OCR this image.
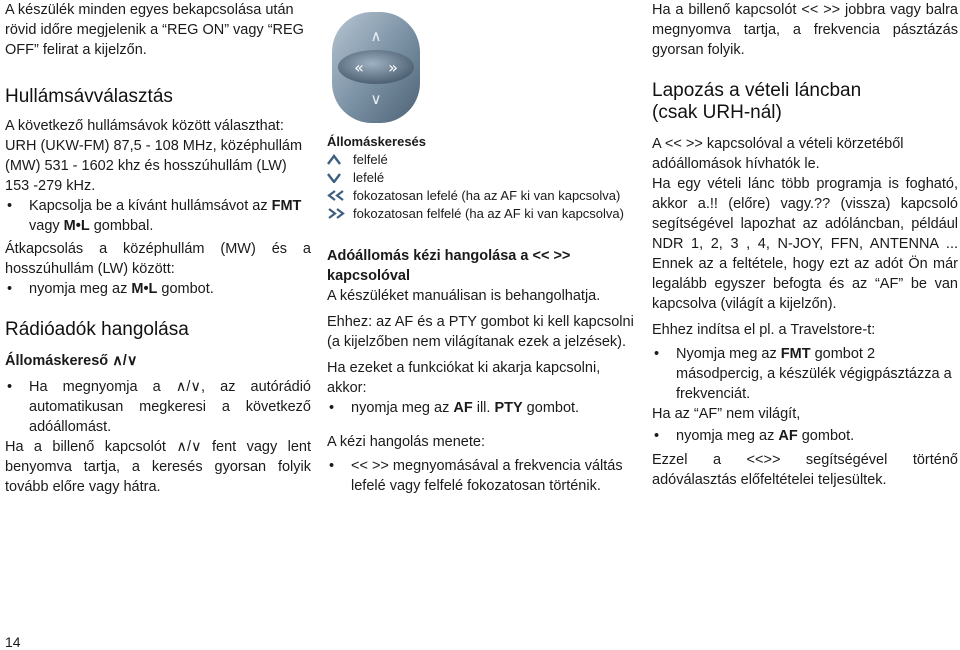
∧
∨
« »

A készülék minden egyes bekapcsolása után rövid időre megjelenik a “REG ON” vagy “REG OFF” felirat a kijelzőn.

Hullámsávválasztás

A következő hullámsávok között választhat: URH (UKW-FM) 87,5 - 108 MHz, középhullám (MW) 531 - 1602 khz és hosszúhullám (LW) 153 -279 kHz.

•	Kapcsolja be a kívánt hullámsávot az FMT vagy M•L gombbal.

Átkapcsolás a középhullám (MW) és a hosszúhullám (LW) között:

•	nyomja meg az M•L gombot.
Rádióadók hangolása

Állomáskereső ∧/∨

•	Ha megnyomja a ∧/∨, az autórádió automatikusan megkeresi a következő adóállomást.

Ha a billenő kapcsolót ∧/∨ fent vagy lent benyomva tartja, a keresés gyorsan folyik tovább előre vagy hátra.

Állomáskeresés

felfelé
lefelé
fokozatosan lefelé (ha az AF ki van kapcsolva)
fokozatosan felfelé (ha az AF ki van kapcsolva)

Adóállomás kézi hangolása a << >> kapcsolóval

A készüléket manuálisan is behangolhatja.

Ehhez: az AF és a PTY gombot ki kell kapcsolni (a kijelzőben nem világítanak ezek a jelzések).

Ha ezeket a funkciókat ki akarja kapcsolni, akkor:

•	nyomja meg az AF ill. PTY gombot.

A kézi hangolás menete:

•	<< >> megnyomásával a frekvencia váltás lefelé vagy felfelé fokozatosan történik.

Ha a billenő kapcsolót << >> jobbra vagy balra megnyomva tartja, a frekvencia pásztázás gyorsan folyik.

Lapozás a vételi láncban
(csak URH-nál)

A << >> kapcsolóval a vételi körzetéből adóállomások hívhatók le.

Ha egy vételi lánc több programja is fogható, akkor a.!! (előre) vagy.?? (vissza) kapcsoló segítségével lapozhat az adóláncban, például NDR 1, 2, 3 , 4, N-JOY, FFN, ANTENNA ... Ennek az a feltétele, hogy ezt az adót Ön már legalább egyszer befogta és az “AF” be van kapcsolva (világít a kijelzőn).

Ehhez indítsa el pl. a Travelstore-t:

•	Nyomja meg az FMT gombot 2 másodpercig, a készülék végigpásztázza a frekvenciát.

Ha az “AF” nem világít,

•	nyomja meg az AF gombot.

Ezzel a <<>> segítségével történő adóválasztás előfeltételei teljesültek.

14
